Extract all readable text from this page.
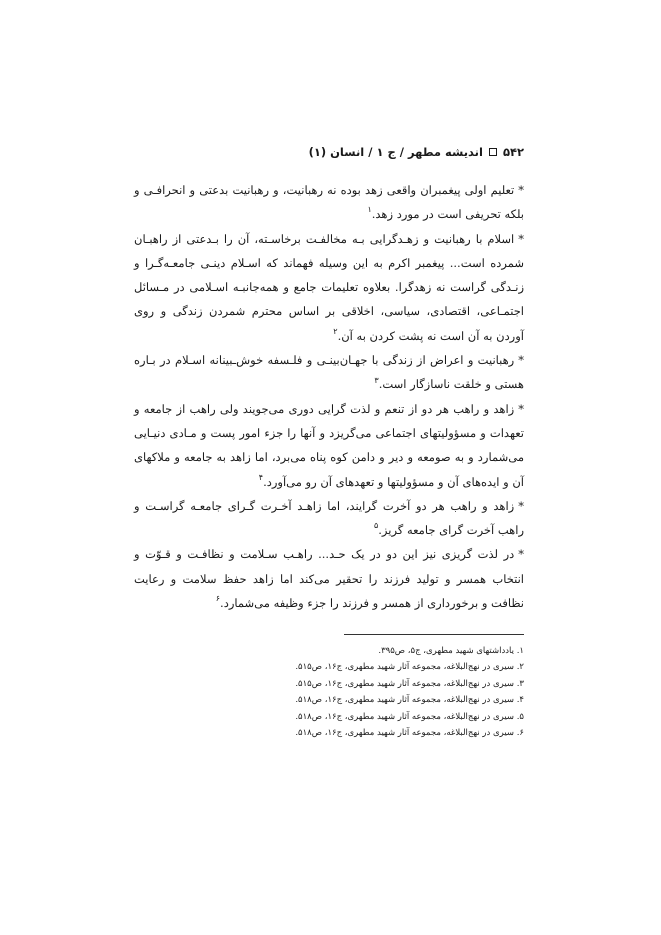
۵۴۲
اندیشه مطهر / ج ۱ / انسان (۱)

*تعلیم اولی پیغمبران واقعی زهد بوده نه رهبانیت، و رهبانیت بدعتی و انحرافـی و بلکه تحریفی است در مورد زهد.$^۱$

*اسلام با رهبانیت و زهـدگرایی بـه مخالفـت برخاسـته، آن را بـدعتی از راهبـان شمرده است... پیغمبر اکرم به این وسیله فهماند که اسـلام دینـی جامعـه‌گـرا و زنـدگی گراست نه زهدگرا. بعلاوه تعلیمات جامع و همه‌جانبـه اسـلامی در مـسائل اجتمـاعی، اقتصادی، سیاسی، اخلاقی بر اساس محترم شمردن زندگی و روی آوردن به آن است نه پشت کردن به آن.$^۲$

*رهبانیت و اعراض از زندگی با جهـان‌بینـی و فلـسفه خوش‌ـبینانه اسـلام در بـاره هستی و خلقت ناسازگار است.$^۳$

*زاهد و راهب هر دو از تنعم و لذت گرایی دوری می‌جویند ولی راهب از جامعه و تعهدات و مسؤولیتهای اجتماعی می‌گریزد و آنها را جزء امور پست و مـادی دنیـایی می‌شمارد و به صومعه و دیر و دامن کوه پناه می‌برد، اما زاهد به جامعه و ملاکهای آن و ایده‌های آن و مسؤولیتها و تعهدهای آن رو می‌آورد.$^۴$

*زاهد و راهب هر دو آخرت گرایند، اما زاهـد آخـرت گـرای جامعـه گراسـت و راهب آخرت گرای جامعه گریز.$^۵$

*در لذت گریزی نیز این دو در یک حـد... راهـب سـلامت و نظافـت و قـوّت و انتخاب همسر و تولید فرزند را تحقیر می‌کند اما زاهد حفظ سلامت و رعایت نظافت و برخورداری از همسر و فرزند را جزء وظیفه می‌شمارد.$^۶$

۱. یادداشتهای شهید مطهری، ج۵، ص۳۹۵.
۲. سیری در نهج‌البلاغه، مجموعه آثار شهید مطهری، ج۱۶، ص۵۱۵.
۳. سیری در نهج‌البلاغه، مجموعه آثار شهید مطهری، ج۱۶، ص۵۱۵.
۴. سیری در نهج‌البلاغه، مجموعه آثار شهید مطهری، ج۱۶، ص۵۱۸.
۵. سیری در نهج‌البلاغه، مجموعه آثار شهید مطهری، ج۱۶، ص۵۱۸.
۶. سیری در نهج‌البلاغه، مجموعه آثار شهید مطهری، ج۱۶، ص۵۱۸.
